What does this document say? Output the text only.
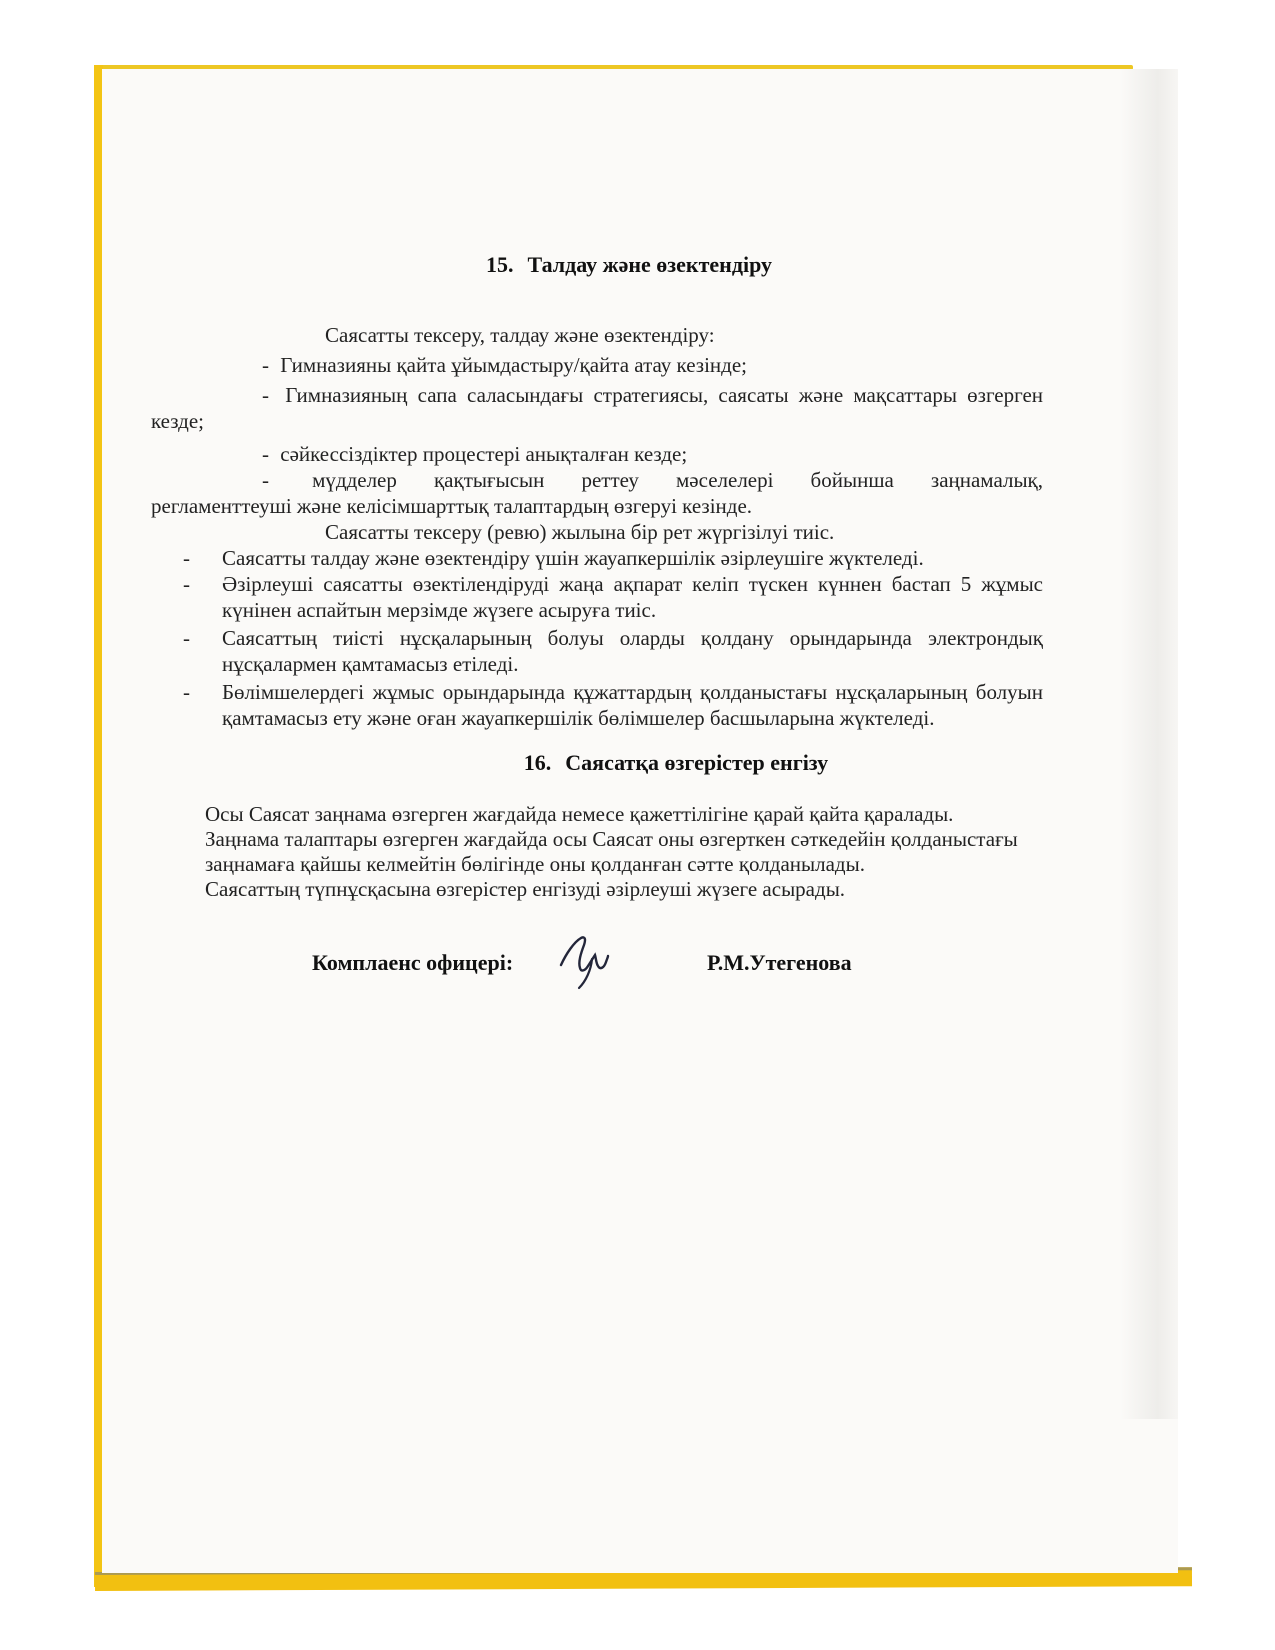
15. Талдау және өзектендіру
Саясатты тексеру, талдау және өзектендіру:
- Гимназияны қайта ұйымдастыру/қайта атау кезінде;
- Гимназияның сапа саласындағы стратегиясы, саясаты және мақсаттары өзгерген
кезде;
- сәйкессіздіктер процестері анықталған кезде;
- мүдделер қақтығысын реттеу мәселелері бойынша заңнамалық,
регламенттеуші және келісімшарттық талаптардың өзгеруі кезінде.
Саясатты тексеру (ревю) жылына бір рет жүргізілуі тиіс.
- Саясатты талдау және өзектендіру үшін жауапкершілік әзірлеушіге жүктеледі.
- Әзірлеуші саясатты өзектілендіруді жаңа ақпарат келіп түскен күннен бастап 5 жұмыс
күнінен аспайтын мерзімде жүзеге асыруға тиіс.
- Саясаттың тиісті нұсқаларының болуы оларды қолдану орындарында электрондық
нұсқалармен қамтамасыз етіледі.
- Бөлімшелердегі жұмыс орындарында құжаттардың қолданыстағы нұсқаларының болуын
қамтамасыз ету және оған жауапкершілік бөлімшелер басшыларына жүктеледі.
16. Саясатқа өзгерістер енгізу
Осы Саясат заңнама өзгерген жағдайда немесе қажеттілігіне қарай қайта қаралады.
Заңнама талаптары өзгерген жағдайда осы Саясат оны өзгерткен сәткедейін қолданыстағы
заңнамаға қайшы келмейтін бөлігінде оны қолданған сәтте қолданылады.
Саясаттың түпнұсқасына өзгерістер енгізуді әзірлеуші жүзеге асырады.
Комплаенс офицері:	Р.М.Утегенова
